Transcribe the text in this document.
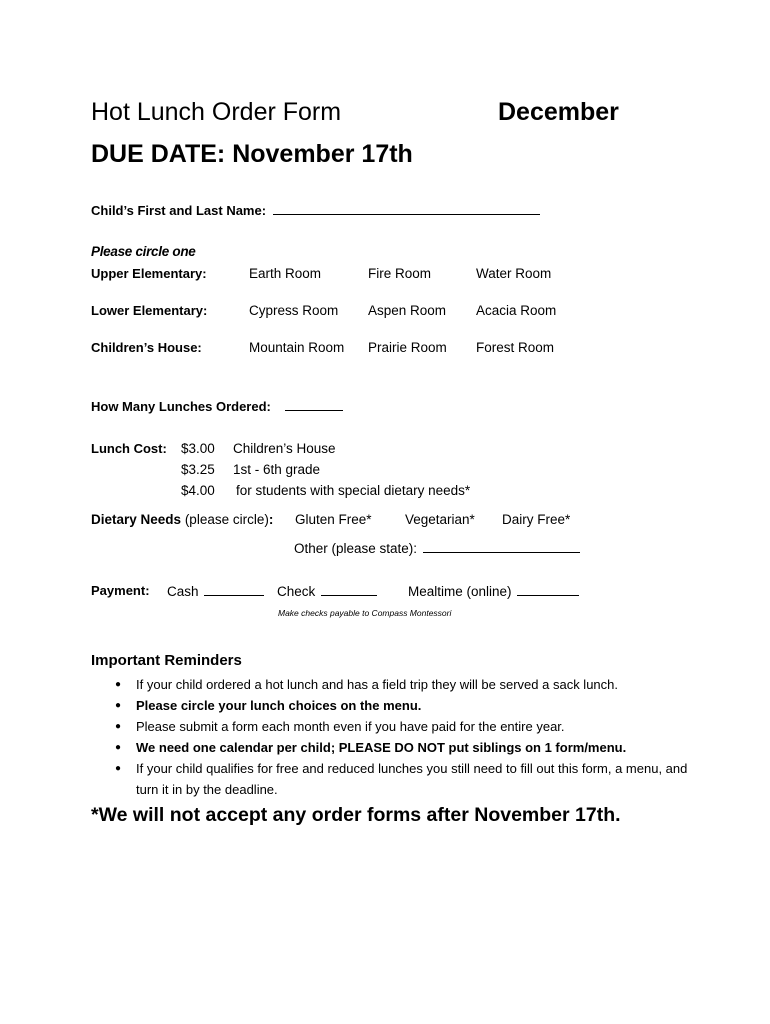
Hot Lunch Order Form	December
DUE DATE: November 17th
Child’s First and Last Name:
Please circle one
Upper Elementary:	Earth Room	Fire Room	Water Room
Lower Elementary:	Cypress Room Aspen Room Acacia Room
Children’s House:	Mountain Room Prairie Room Forest Room
How Many Lunches Ordered:
Lunch Cost: $3.00 Children’s House
$3.25 1st - 6th grade
$4.00 for students with special dietary needs*
Dietary Needs (please circle): Gluten Free* Vegetarian* Dairy Free*
Other (please state):
Payment: Cash	Check	Mealtime (online)
Make checks payable to Compass Montessori
Important Reminders
● If your child ordered a hot lunch and has a field trip they will be served a sack lunch.
● Please circle your lunch choices on the menu.
● Please submit a form each month even if you have paid for the entire year.
● We need one calendar per child; PLEASE DO NOT put siblings on 1 form/menu.
● If your child qualifies for free and reduced lunches you still need to fill out this form, a menu, and turn it in by the deadline.
*We will not accept any order forms after November 17th.
